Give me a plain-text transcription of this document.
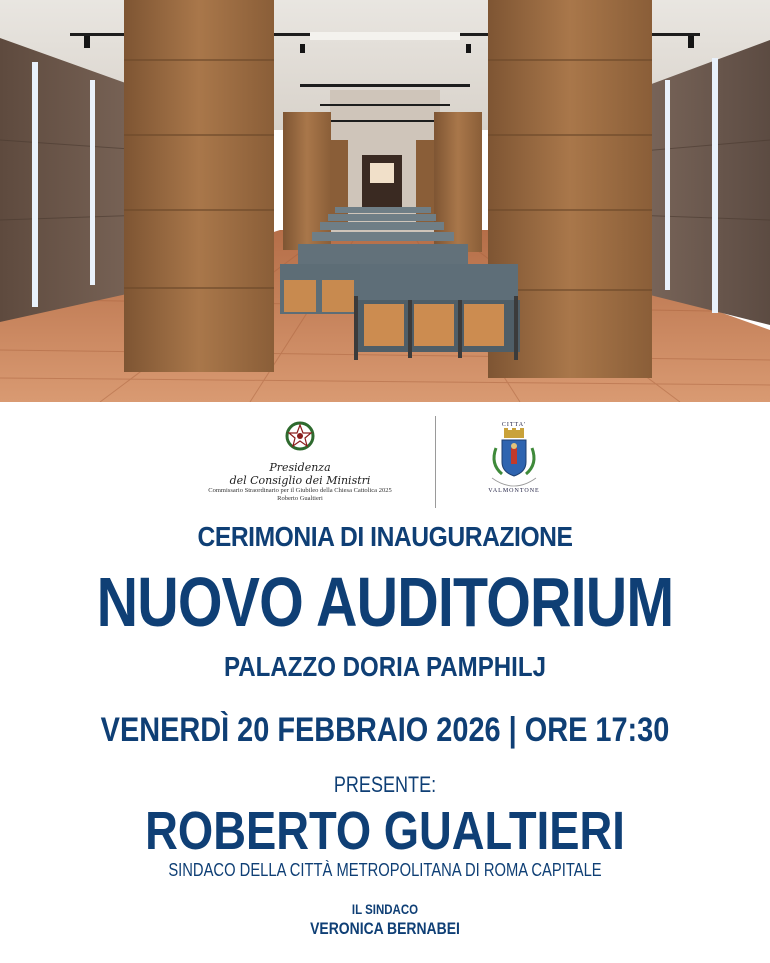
Presidenza
del Consiglio dei Ministri
Commissario Straordinario per il Giubileo della Chiesa Cattolica 2025
Roberto Gualtieri
CITTA'
VALMONTONE
CERIMONIA DI INAUGURAZIONE
NUOVO AUDITORIUM
PALAZZO DORIA PAMPHILJ
VENERDÌ 20 FEBBRAIO 2026 | ORE 17:30
PRESENTE:
ROBERTO GUALTIERI
SINDACO DELLA CITTÀ METROPOLITANA DI ROMA CAPITALE
IL SINDACO
VERONICA BERNABEI
